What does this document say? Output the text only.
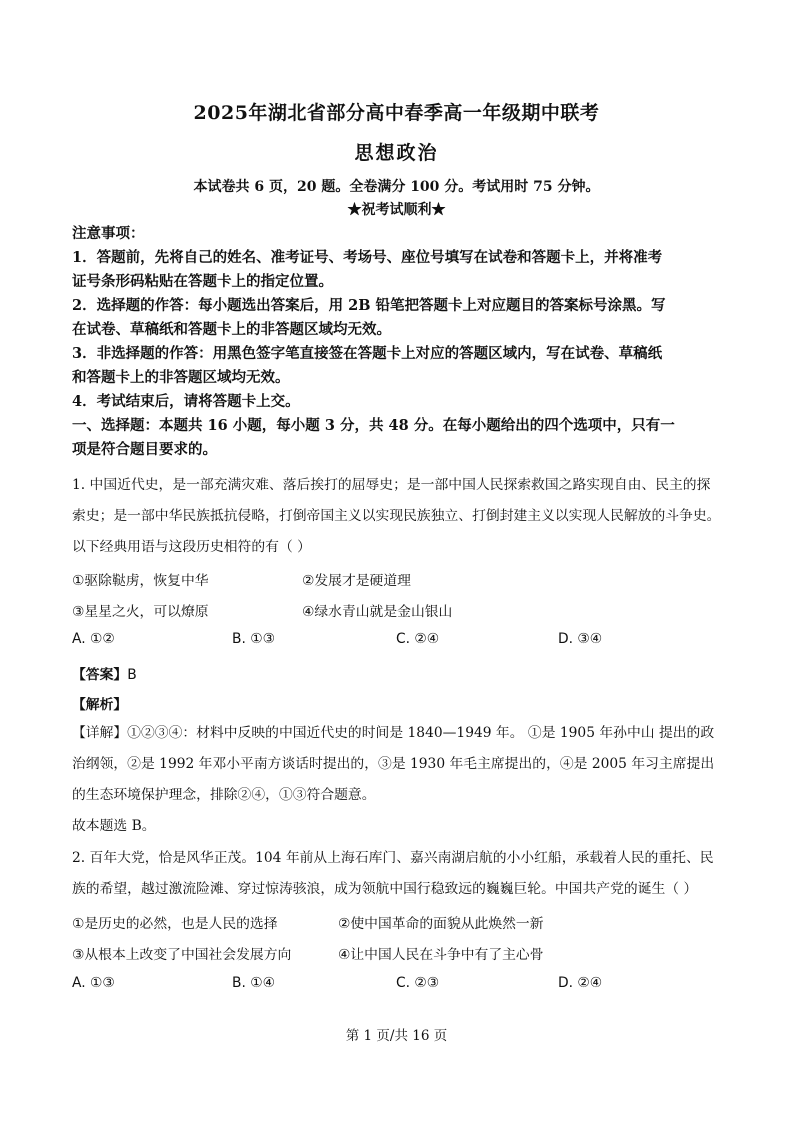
2025年湖北省部分高中春季高一年级期中联考
思想政治
本试卷共 6 页，20 题。全卷满分 100 分。考试用时 75 分钟。
★祝考试顺利★
注意事项：
1．答题前，先将自己的姓名、准考证号、考场号、座位号填写在试卷和答题卡上，并将准考
证号条形码粘贴在答题卡上的指定位置。
2．选择题的作答：每小题选出答案后，用 2B 铅笔把答题卡上对应题目的答案标号涂黑。写
在试卷、草稿纸和答题卡上的非答题区域均无效。
3．非选择题的作答：用黑色签字笔直接签在答题卡上对应的答题区域内，写在试卷、草稿纸
和答题卡上的非答题区域均无效。
4．考试结束后，请将答题卡上交。
一、选择题：本题共 16 小题，每小题 3 分，共 48 分。在每小题给出的四个选项中，只有一
项是符合题目要求的。
1. 中国近代史，是一部充满灾难、落后挨打的屈辱史；是一部中国人民探索救国之路实现自由、民主的探
索史；是一部中华民族抵抗侵略，打倒帝国主义以实现民族独立、打倒封建主义以实现人民解放的斗争史。
以下经典用语与这段历史相符的有（ ）
①驱除鞑虏，恢复中华	②发展才是硬道理
③星星之火，可以燎原	④绿水青山就是金山银山
A. ①②	B. ①③	C. ②④	D. ③④
【答案】B
【解析】
【详解】①②③④：材料中反映的中国近代史的时间是 1840—1949 年。 ①是 1905 年孙中山 提出的政
治纲领，②是 1992 年邓小平南方谈话时提出的，③是 1930 年毛主席提出的，④是 2005 年习主席提出
的生态环境保护理念，排除②④，①③符合题意。
故本题选 B。
2. 百年大党，恰是风华正茂。104 年前从上海石库门、嘉兴南湖启航的小小红船，承载着人民的重托、民
族的希望，越过激流险滩、穿过惊涛骇浪，成为领航中国行稳致远的巍巍巨轮。中国共产党的诞生（ ）
①是历史的必然，也是人民的选择	②使中国革命的面貌从此焕然一新
③从根本上改变了中国社会发展方向	④让中国人民在斗争中有了主心骨
A. ①③	B. ①④	C. ②③	D. ②④
第 1 页/共 16 页
